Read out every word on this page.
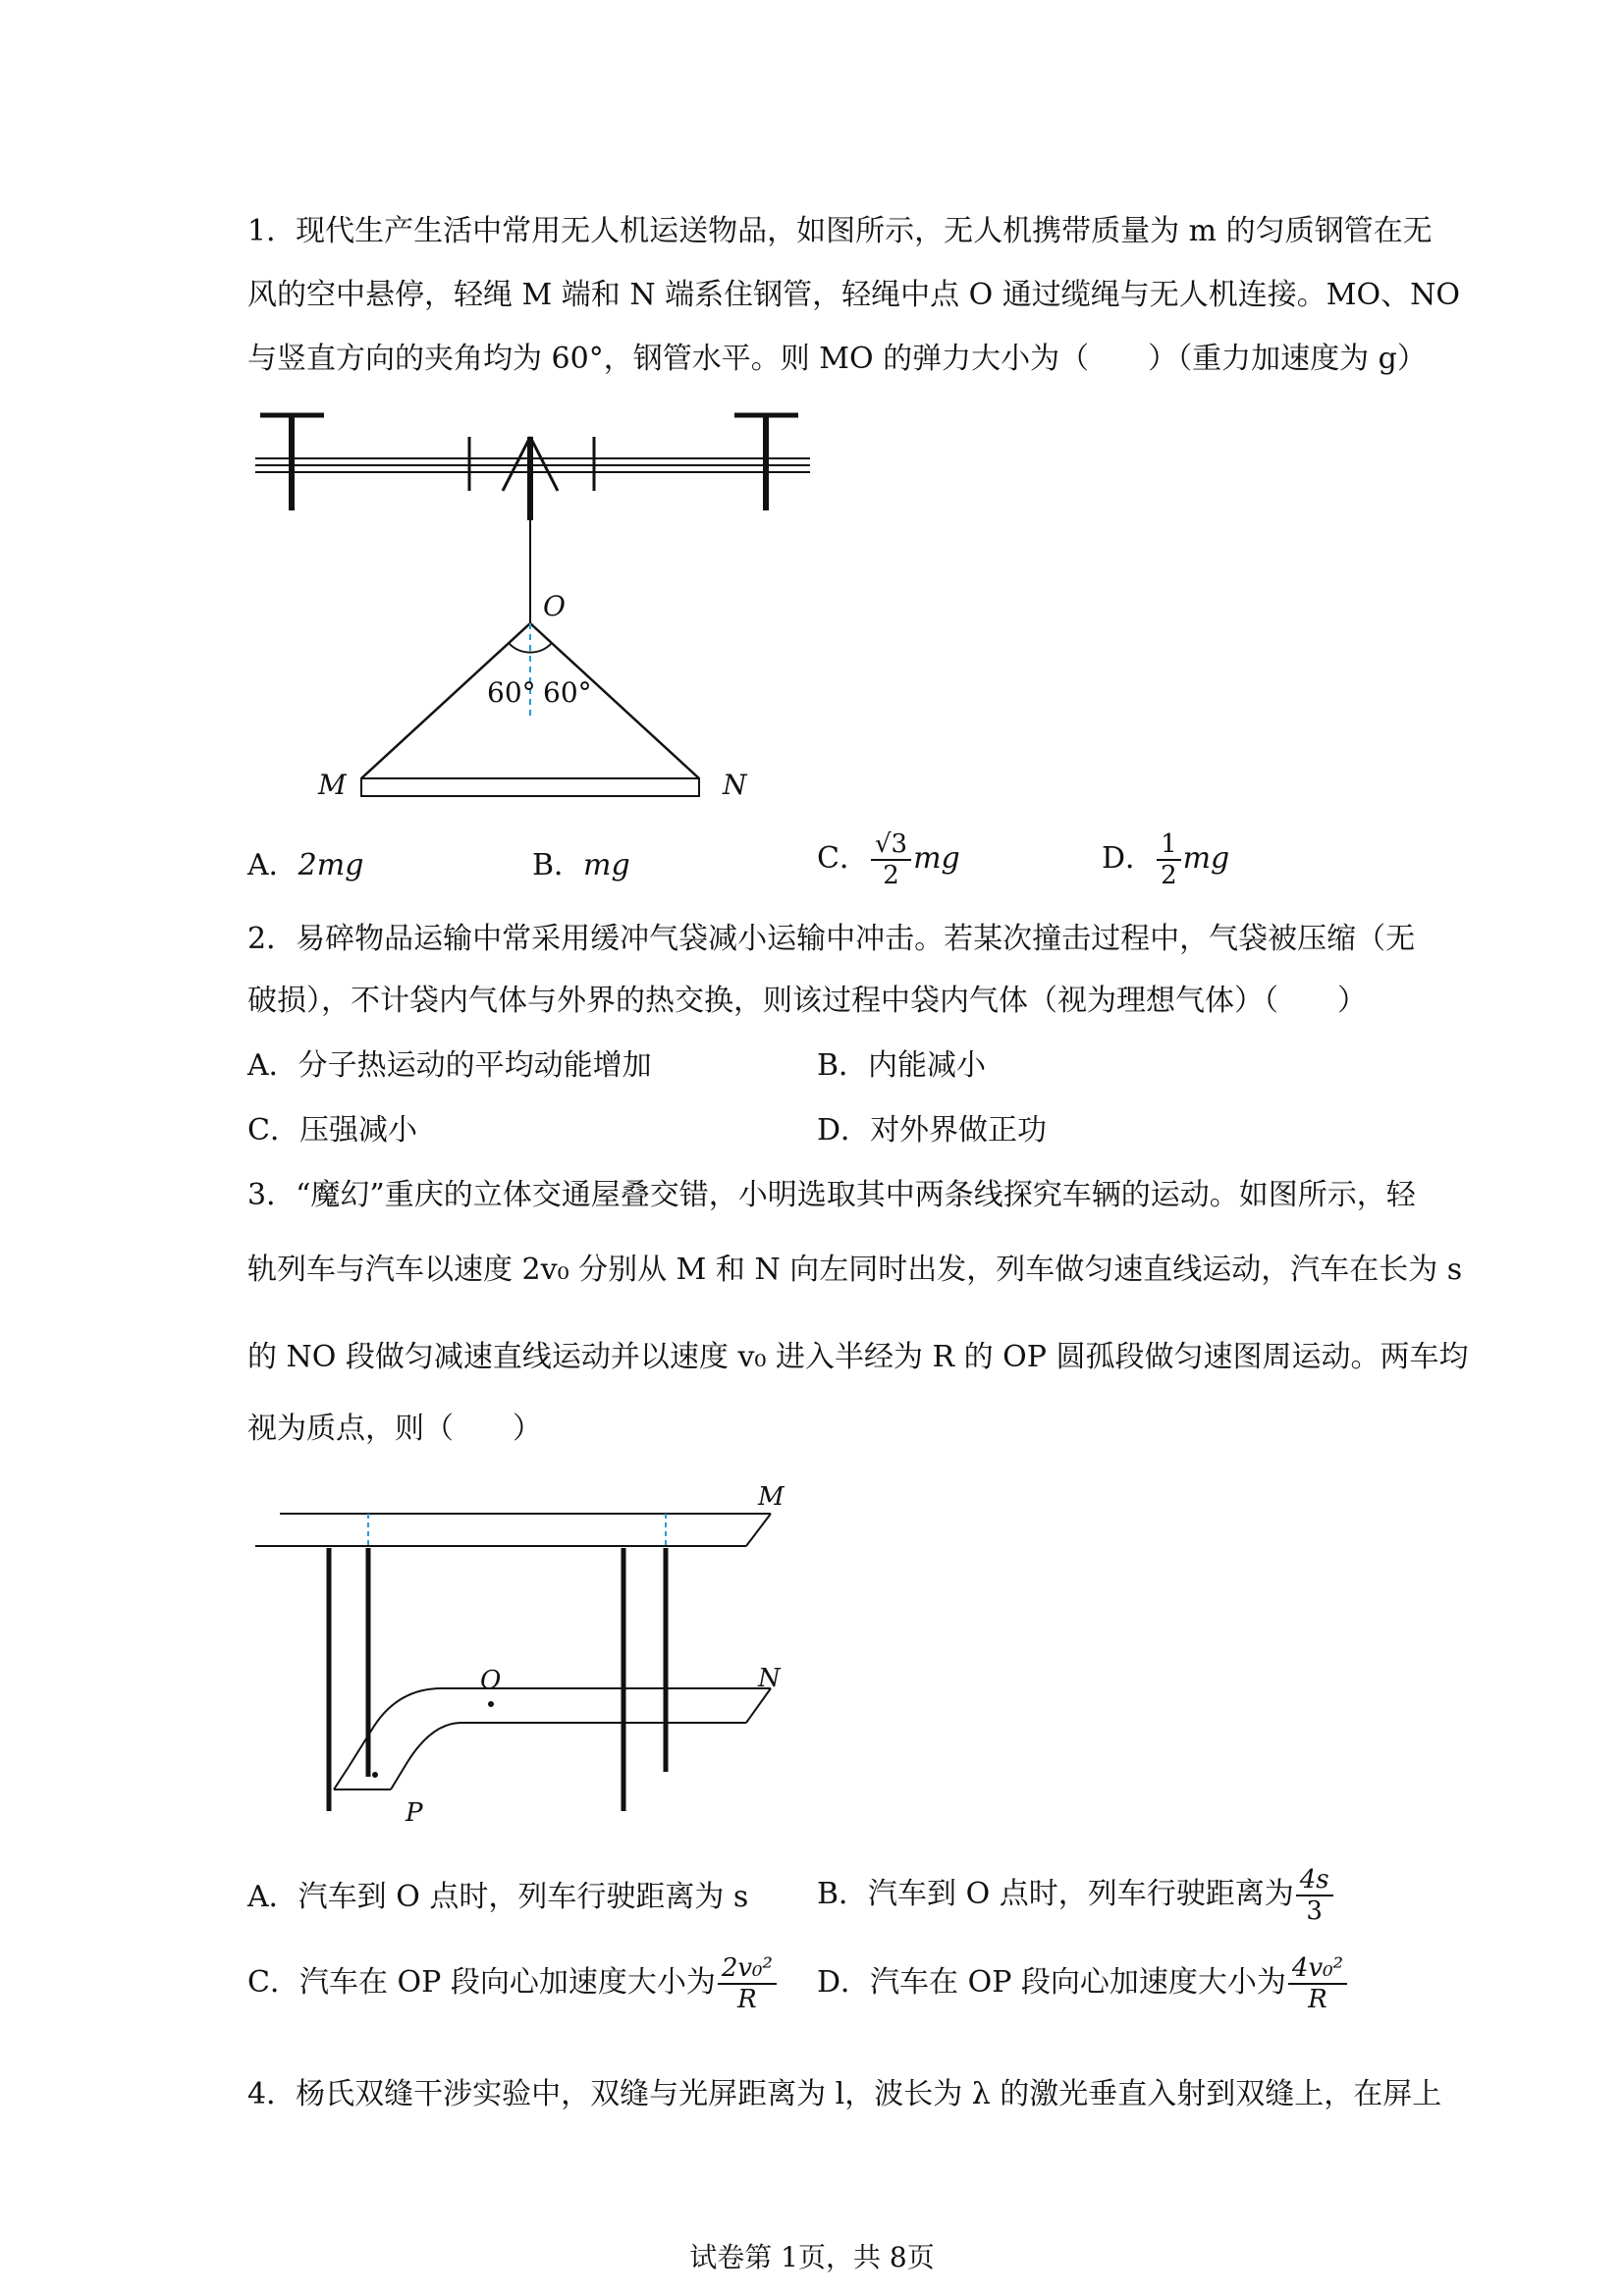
1．现代生产生活中常用无人机运送物品，如图所示，无人机携带质量为 m 的匀质钢管在无
风的空中悬停，轻绳 M 端和 N 端系住钢管，轻绳中点 O 通过缆绳与无人机连接。MO、NO
与竖直方向的夹角均为 60°，钢管水平。则 MO 的弹力大小为（　　）（重力加速度为 g）
O
60° 60°
M	N
A．2mg	B．mg	C． $\frac{√3}{2}$ mg	D． $\frac{1}{2}$ mg
2．易碎物品运输中常采用缓冲气袋减小运输中冲击。若某次撞击过程中，气袋被压缩（无
破损），不计袋内气体与外界的热交换，则该过程中袋内气体（视为理想气体）（　　）
A．分子热运动的平均动能增加	B．内能减小
C．压强减小	D．对外界做正功
3．“魔幻”重庆的立体交通屋叠交错，小明选取其中两条线探究车辆的运动。如图所示，轻
轨列车与汽车以速度 2v₀ 分别从 M 和 N 向左同时出发，列车做匀速直线运动，汽车在长为 s
的 NO 段做匀减速直线运动并以速度 v₀ 进入半经为 R 的 OP 圆孤段做匀速图周运动。两车均
视为质点，则（　　）
M
N
O
P
A．汽车到 O 点时，列车行驶距离为 s B．汽车到 O 点时，列车行驶距离为 $\frac{4s}{3}$
C．汽车在 OP 段向心加速度大小为 $\frac{\text{2v₀²}}{R}$ D．汽车在 OP 段向心加速度大小为 $\frac{\text{4v₀²}}{R}$
4．杨氏双缝干涉实验中，双缝与光屏距离为 l，波长为 λ 的激光垂直入射到双缝上，在屏上
试卷第 1页，共 8页
